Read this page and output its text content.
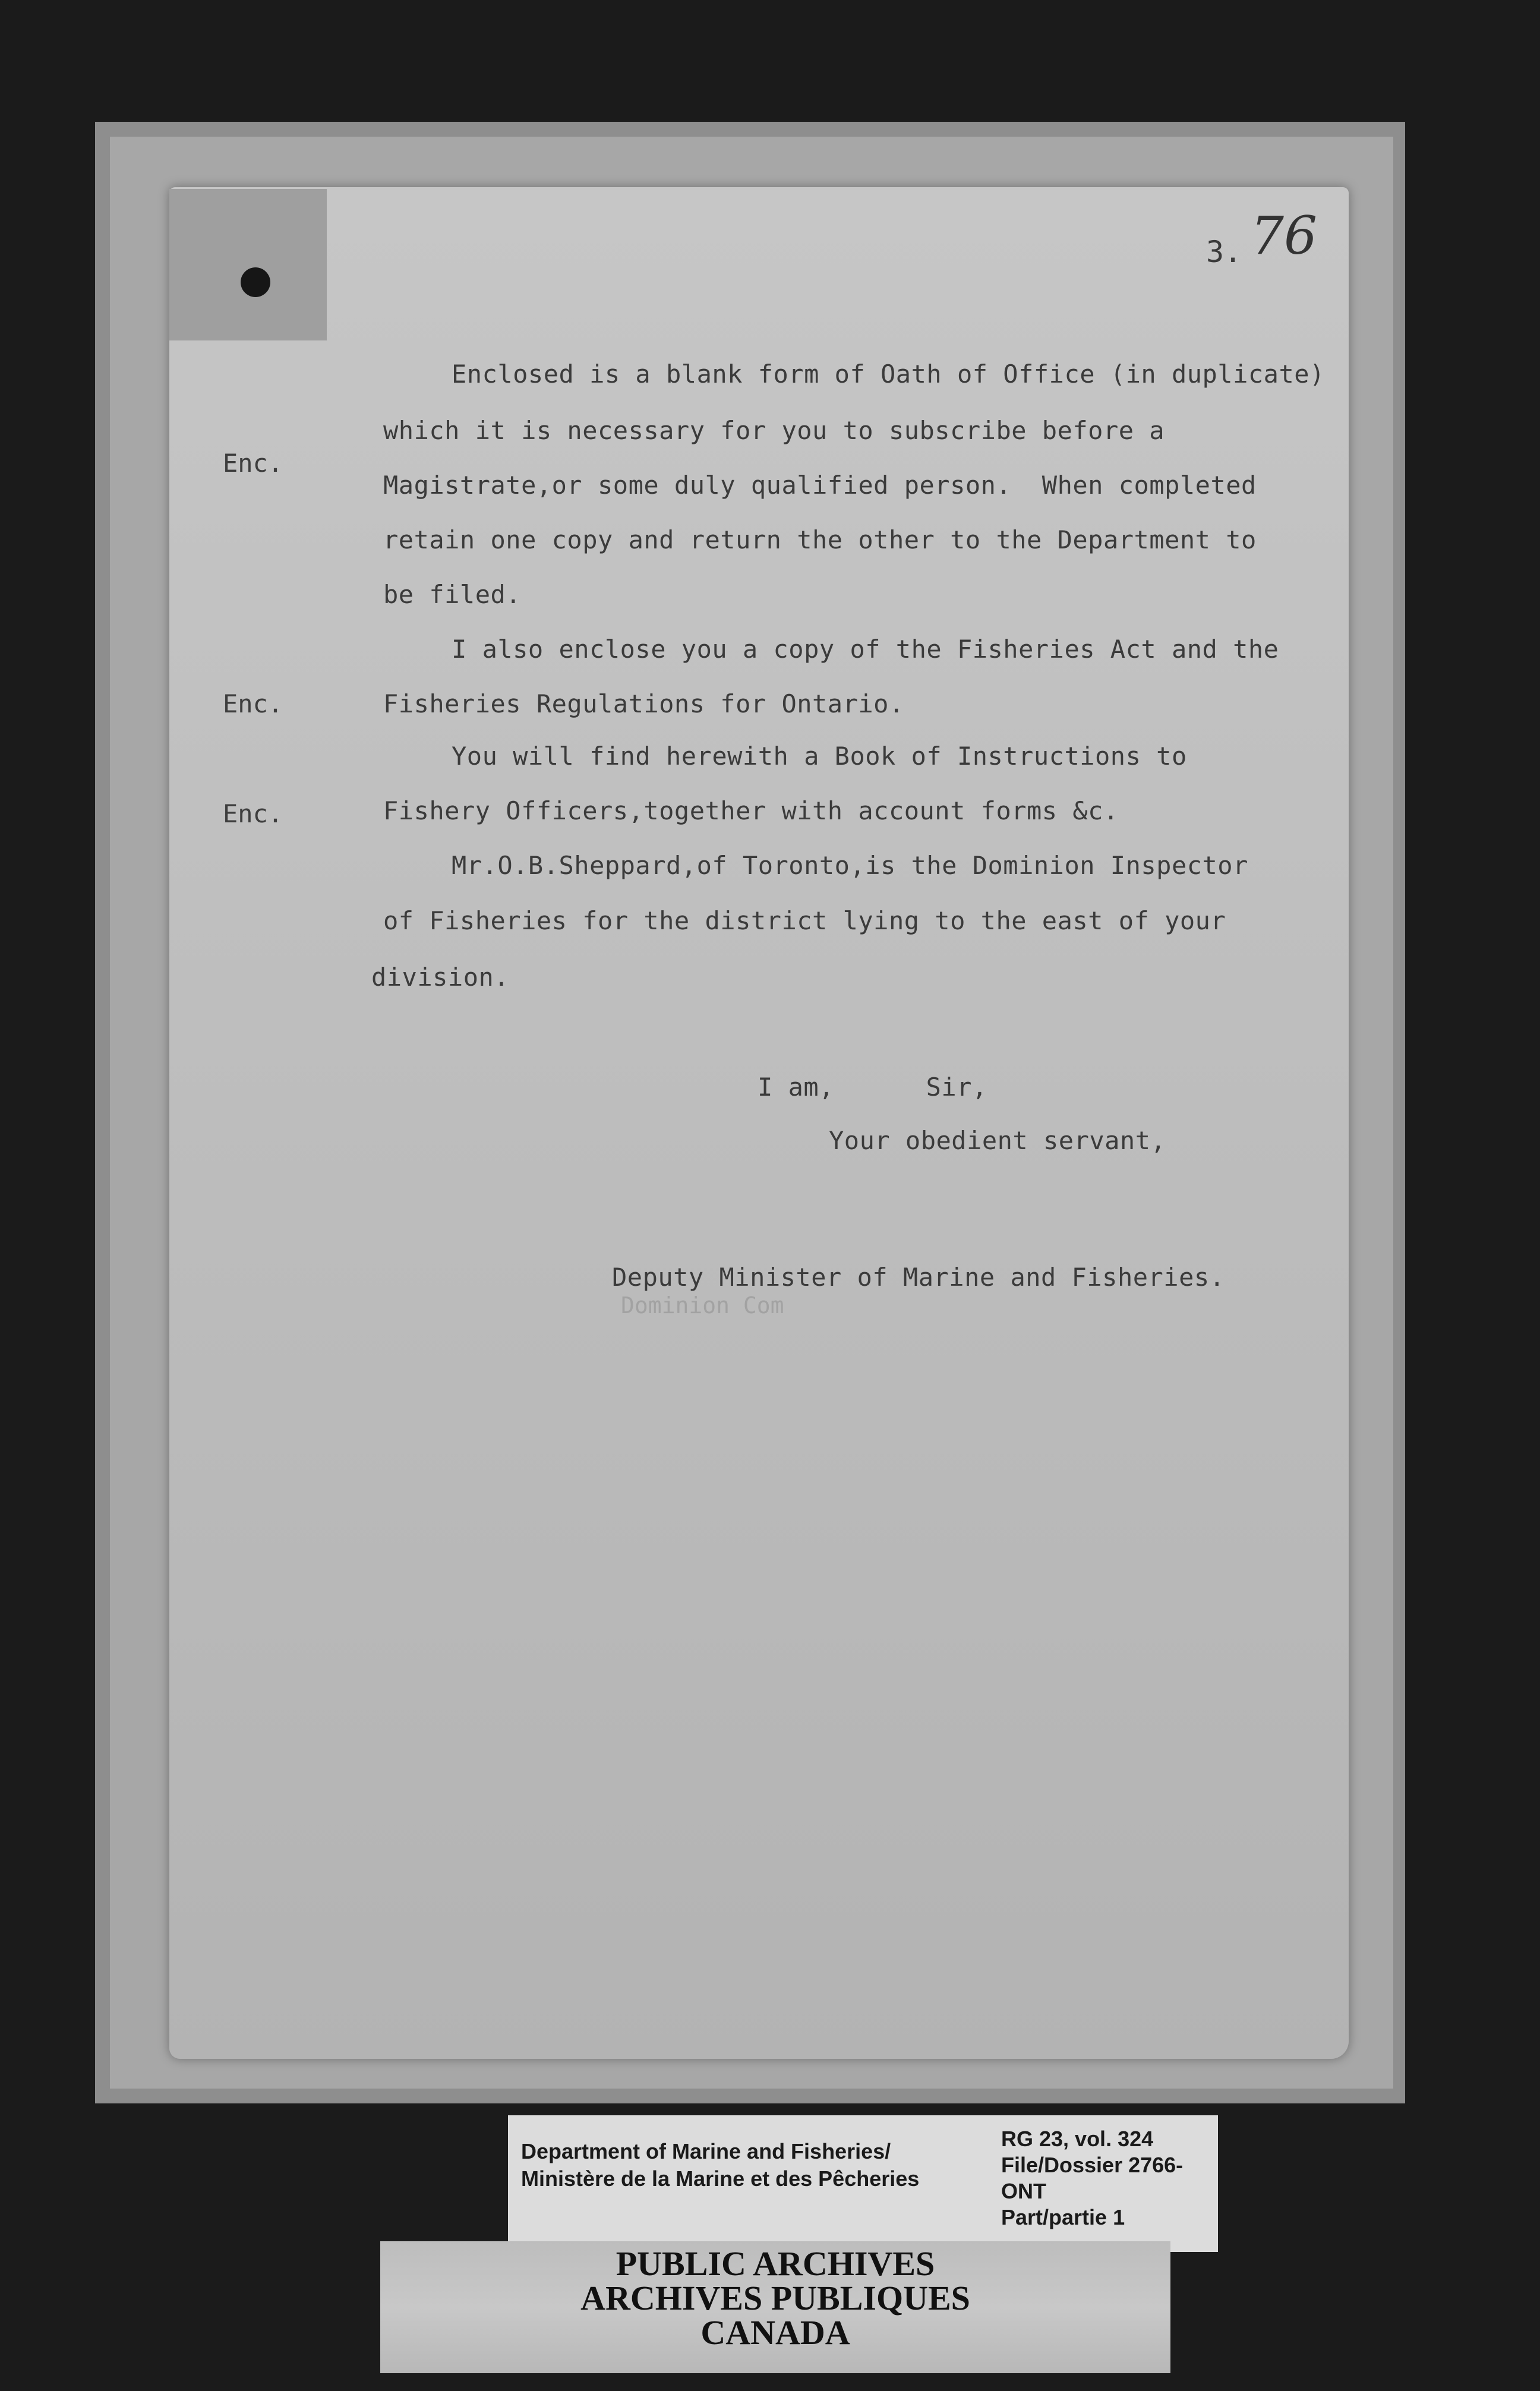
3. 76
Enclosed is a blank form of Oath of Office (in duplicate)
which it is necessary for you to subscribe before a
Magistrate,or some duly qualified person.  When completed
retain one copy and return the other to the Department to
be filed.
I also enclose you a copy of the Fisheries Act and the
Fisheries Regulations for Ontario.
You will find herewith a Book of Instructions to
Fishery Officers,together with account forms &c.
Mr.O.B.Sheppard,of Toronto,is the Dominion Inspector
of Fisheries for the district lying to the east of your
division.
Enc.
Enc.
Enc.
I am,      Sir,
Your obedient servant,
Deputy Minister of Marine and Fisheries.
Dominion Com
Department of Marine and Fisheries/
Ministère de la Marine et des Pêcheries
RG 23, vol. 324
File/Dossier 2766-
ONT
Part/partie 1
PUBLIC ARCHIVES
ARCHIVES PUBLIQUES
CANADA
